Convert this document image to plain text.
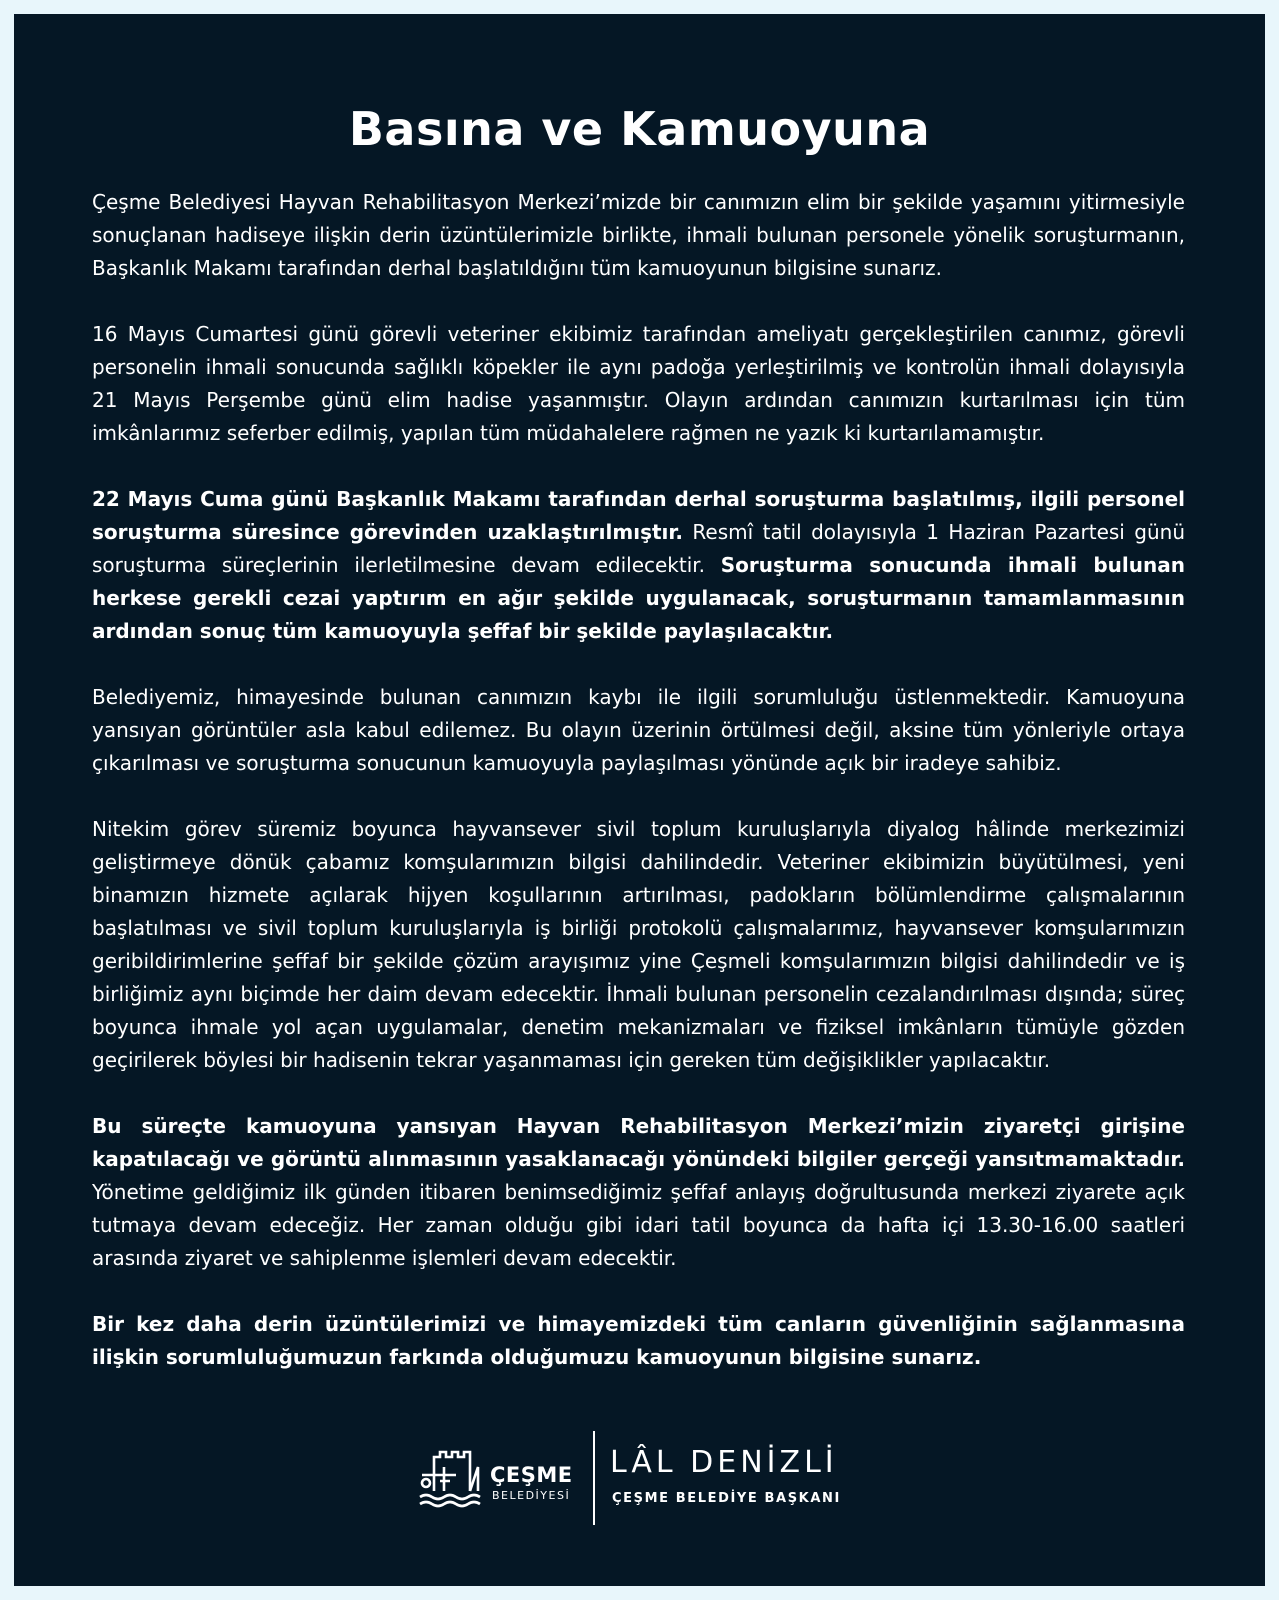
Basına ve Kamuoyuna

Çeşme Belediyesi Hayvan Rehabilitasyon Merkezi’mizde bir canımızın elim bir şekilde yaşamını yitirmesiyle sonuçlanan hadiseye ilişkin derin üzüntülerimizle birlikte, ihmali bulunan personele yönelik soruşturmanın, Başkanlık Makamı tarafından derhal başlatıldığını tüm kamuoyunun bilgisine sunarız.

16 Mayıs Cumartesi günü görevli veteriner ekibimiz tarafından ameliyatı gerçekleştirilen canımız, görevli personelin ihmali sonucunda sağlıklı köpekler ile aynı padoğa yerleştirilmiş ve kontrolün ihmali dolayısıyla 21 Mayıs Perşembe günü elim hadise yaşanmıştır. Olayın ardından canımızın kurtarılması için tüm imkânlarımız seferber edilmiş, yapılan tüm müdahalelere rağmen ne yazık ki kurtarılamamıştır.

22 Mayıs Cuma günü Başkanlık Makamı tarafından derhal soruşturma başlatılmış, ilgili personel soruşturma süresince görevinden uzaklaştırılmıştır. Resmî tatil dolayısıyla 1 Haziran Pazartesi günü soruşturma süreçlerinin ilerletilmesine devam edilecektir. Soruşturma sonucunda ihmali bulunan herkese gerekli cezai yaptırım en ağır şekilde uygulanacak, soruşturmanın tamamlanmasının ardından sonuç tüm kamuoyuyla şeffaf bir şekilde paylaşılacaktır.

Belediyemiz, himayesinde bulunan canımızın kaybı ile ilgili sorumluluğu üstlenmektedir. Kamuoyuna yansıyan görüntüler asla kabul edilemez. Bu olayın üzerinin örtülmesi değil, aksine tüm yönleriyle ortaya çıkarılması ve soruşturma sonucunun kamuoyuyla paylaşılması yönünde açık bir iradeye sahibiz.

Nitekim görev süremiz boyunca hayvansever sivil toplum kuruluşlarıyla diyalog hâlinde merkezimizi geliştirmeye dönük çabamız komşularımızın bilgisi dahilindedir. Veteriner ekibimizin büyütülmesi, yeni binamızın hizmete açılarak hijyen koşullarının artırılması, padokların bölümlendirme çalışmalarının başlatılması ve sivil toplum kuruluşlarıyla iş birliği protokolü çalışmalarımız, hayvansever komşularımızın geribildirimlerine şeffaf bir şekilde çözüm arayışımız yine Çeşmeli komşularımızın bilgisi dahilindedir ve iş birliğimiz aynı biçimde her daim devam edecektir. İhmali bulunan personelin cezalandırılması dışında; süreç boyunca ihmale yol açan uygulamalar, denetim mekanizmaları ve fiziksel imkânların tümüyle gözden geçirilerek böylesi bir hadisenin tekrar yaşanmaması için gereken tüm değişiklikler yapılacaktır.

Bu süreçte kamuoyuna yansıyan Hayvan Rehabilitasyon Merkezi’mizin ziyaretçi girişine kapatılacağı ve görüntü alınmasının yasaklanacağı yönündeki bilgiler gerçeği yansıtmamaktadır. Yönetime geldiğimiz ilk günden itibaren benimsediğimiz şeffaf anlayış doğrultusunda merkezi ziyarete açık tutmaya devam edeceğiz. Her zaman olduğu gibi idari tatil boyunca da hafta içi 13.30-16.00 saatleri arasında ziyaret ve sahiplenme işlemleri devam edecektir.

Bir kez daha derin üzüntülerimizi ve himayemizdeki tüm canların güvenliğinin sağlanmasına ilişkin sorumluluğumuzun farkında olduğumuzu kamuoyunun bilgisine sunarız.

ÇEŞME
BELEDİYESİ
LÂL DENİZLİ
ÇEŞME BELEDİYE BAŞKANI
